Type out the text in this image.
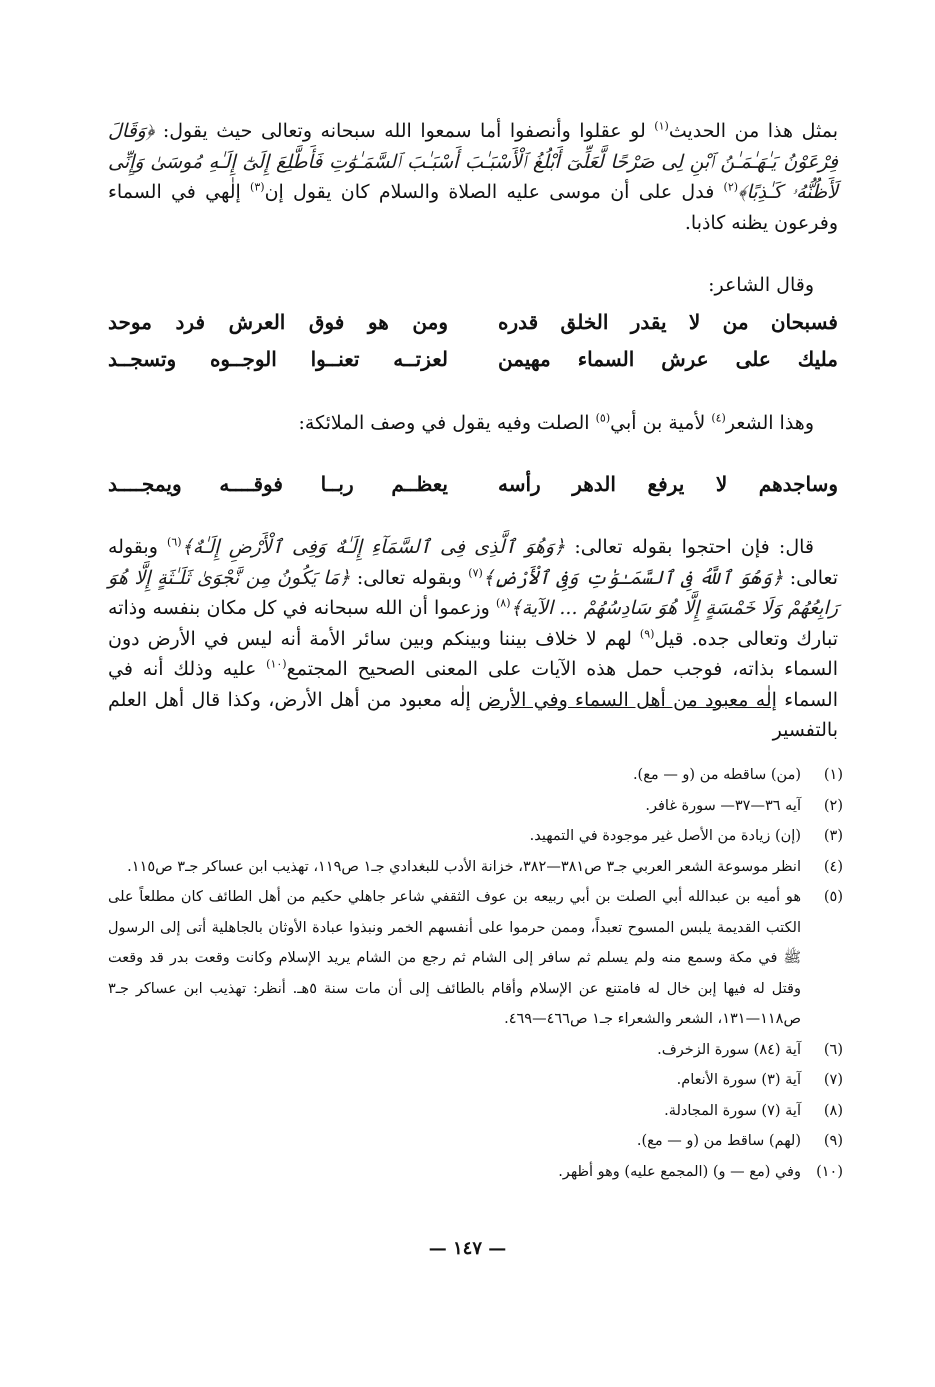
بمثل هذا من الحديث$^{(١)}$ لو عقلوا وأنصفوا أما سمعوا الله سبحانه وتعالى حيث يقول: ﴿وَقَالَ فِرْعَوْنُ يَـٰهَـٰمَـٰنُ ٱبْنِ لِى صَرْحًا لَّعَلِّىٓ أَبْلُغُ ٱلْأَسْبَـٰبَ أَسْبَـٰبَ ٱلسَّمَـٰوَٰتِ فَأَطَّلِعَ إِلَىٰٓ إِلَـٰهِ مُوسَىٰ وَإِنِّى لَأَظُنُّهُۥ كَـٰذِبًا﴾$^{(٢)}$ فدل على أن موسى عليه الصلاة والسلام كان يقول إن$^{(٣)}$ إلٰهي في السماء وفرعون يظنه كاذبا.

وقال الشاعر:

فسبحان من لا يقدر الخلق قدره
ومن هو فوق العرش فرد موحد
مليك على عرش السماء مهيمن
لعزتــه تعنــوا الوجــوه وتسجــد

وهذا الشعر$^{(٤)}$ لأمية بن أبي$^{(٥)}$ الصلت وفيه يقول في وصف الملائكة:

وساجدهم لا يرفع الدهر رأسه
يعظــم ربــا فوقــــه ويمجــــد

قال: فإن احتجوا بقوله تعالى: ﴿وَهُوَ ٱلَّذِى فِى ٱلسَّمَآءِ إِلَـٰهٌ وَفِى ٱلْأَرْضِ إِلَـٰهٌ﴾$^{(٦)}$ وبقوله تعالى: ﴿وَهُوَ ٱللَّهُ فِى ٱلسَّمَـٰوَٰتِ وَفِى ٱلْأَرْضِ﴾$^{(٧)}$ وبقوله تعالى: ﴿مَا يَكُونُ مِن نَّجْوَىٰ ثَلَـٰثَةٍ إِلَّا هُوَ رَابِعُهُمْ وَلَا خَمْسَةٍ إِلَّا هُوَ سَادِسُهُمْ ... الآية﴾$^{(٨)}$ وزعموا أن الله سبحانه في كل مكان بنفسه وذاته تبارك وتعالى جده. قيل$^{(٩)}$ لهم لا خلاف بيننا وبينكم وبين سائر الأمة أنه ليس في الأرض دون السماء بذاته، فوجب حمل هذه الآيات على المعنى الصحيح المجتمع$^{(١٠)}$ عليه وذلك أنه في السماء إلٰه معبود من أهل السماء وفي الأرض إلٰه معبود من أهل الأرض، وكذا قال أهل العلم بالتفسير

(١)
(من) ساقطه من (و — مع).
(٢)
آيه ٣٦—٣٧— سورة غافر.
(٣)
(إن) زيادة من الأصل غير موجودة في التمهيد.
(٤)
انظر موسوعة الشعر العربي جـ٣ ص٣٨١—٣٨٢، خزانة الأدب للبغدادي جـ١ ص١١٩، تهذيب ابن عساكر جـ٣ ص١١٥.
(٥)
هو أميه بن عبدالله أبي الصلت بن أبي ربيعه بن عوف الثقفي شاعر جاهلي حكيم من أهل الطائف كان مطلعاً على الكتب القديمة يلبس المسوح تعبداً، وممن حرموا على أنفسهم الخمر ونبذوا عبادة الأوثان بالجاهلية أتى إلى الرسول ﷺ في مكة وسمع منه ولم يسلم ثم سافر إلى الشام ثم رجع من الشام يريد الإسلام وكانت وقعت بدر قد وقعت وقتل له فيها إبن خال له فامتنع عن الإسلام وأقام بالطائف إلى أن مات سنة ٥هـ. أنظر: تهذيب ابن عساكر جـ٣ ص١١٨—١٣١، الشعر والشعراء جـ١ ص٤٦٦—٤٦٩.
(٦)
آية (٨٤) سورة الزخرف.
(٧)
آية (٣) سورة الأنعام.
(٨)
آية (٧) سورة المجادلة.
(٩)
(لهم) ساقط من (و — مع).
(١٠)
وفي (مع — و) (المجمع عليه) وهو أظهر.
— ١٤٧ —
